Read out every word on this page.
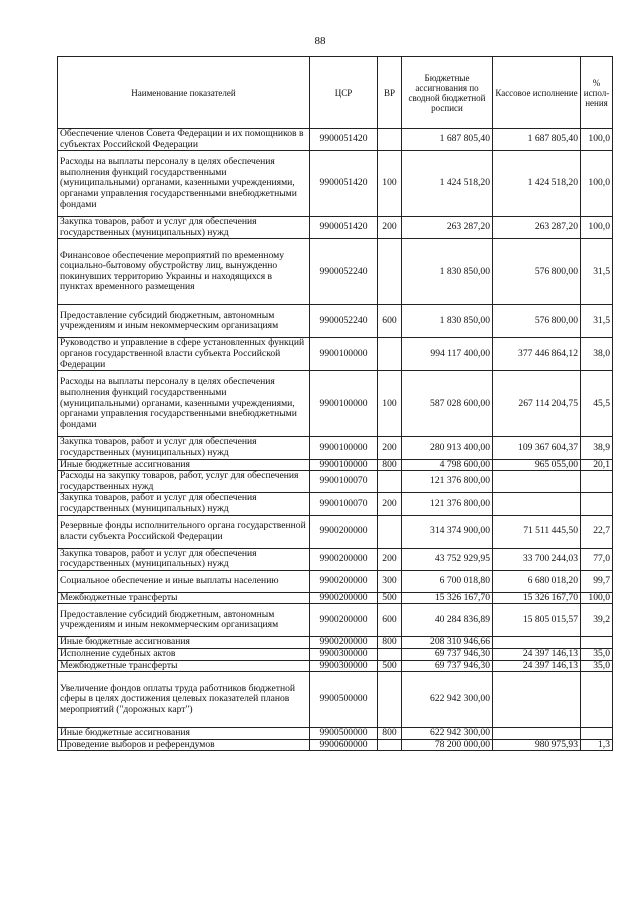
88
Наименование показателей	ЦСР	ВР	Бюджетные ассигнования по сводной бюджетной росписи	Кассовое исполнение	% испол-нения
Обеспечение членов Совета Федерации и их помощников в субъектах Российской Федерации	9900051420		1 687 805,40	1 687 805,40	100,0
Расходы на выплаты персоналу в целях обеспечения выполнения функций государственными (муниципальными) органами, казенными учреждениями, органами управления государственными внебюджетными фондами	9900051420	100	1 424 518,20	1 424 518,20	100,0
Закупка товаров, работ и услуг для обеспечения государственных (муниципальных) нужд	9900051420	200	263 287,20	263 287,20	100,0
Финансовое обеспечение мероприятий по временному социально-бытовому обустройству лиц, вынужденно покинувших территорию Украины и находящихся в пунктах временного размещения	9900052240		1 830 850,00	576 800,00	31,5
Предоставление субсидий бюджетным, автономным учреждениям и иным некоммерческим организациям	9900052240	600	1 830 850,00	576 800,00	31,5
Руководство и управление в сфере установленных функций органов государственной власти субъекта Российской Федерации	9900100000		994 117 400,00	377 446 864,12	38,0
Расходы на выплаты персоналу в целях обеспечения выполнения функций государственными (муниципальными) органами, казенными учреждениями, органами управления государственными внебюджетными фондами	9900100000	100	587 028 600,00	267 114 204,75	45,5
Закупка товаров, работ и услуг для обеспечения государственных (муниципальных) нужд	9900100000	200	280 913 400,00	109 367 604,37	38,9
Иные бюджетные ассигнования	9900100000	800	4 798 600,00	965 055,00	20,1
Расходы на закупку товаров, работ, услуг для обеспечения государственных нужд	9900100070		121 376 800,00		
Закупка товаров, работ и услуг для обеспечения государственных (муниципальных) нужд	9900100070	200	121 376 800,00		
Резервные фонды исполнительного органа государственной власти субъекта Российской Федерации	9900200000		314 374 900,00	71 511 445,50	22,7
Закупка товаров, работ и услуг для обеспечения государственных (муниципальных) нужд	9900200000	200	43 752 929,95	33 700 244,03	77,0
Социальное обеспечение и иные выплаты населению	9900200000	300	6 700 018,80	6 680 018,20	99,7
Межбюджетные трансферты	9900200000	500	15 326 167,70	15 326 167,70	100,0
Предоставление субсидий бюджетным, автономным учреждениям и иным некоммерческим организациям	9900200000	600	40 284 836,89	15 805 015,57	39,2
Иные бюджетные ассигнования	9900200000	800	208 310 946,66		
Исполнение судебных актов	9900300000		69 737 946,30	24 397 146,13	35,0
Межбюджетные трансферты	9900300000	500	69 737 946,30	24 397 146,13	35,0
Увеличение фондов оплаты труда работников бюджетной сферы в целях достижения целевых показателей планов мероприятий ("дорожных карт")	9900500000		622 942 300,00		
Иные бюджетные ассигнования	9900500000	800	622 942 300,00		
Проведение выборов и референдумов	9900600000		78 200 000,00	980 975,93	1,3
